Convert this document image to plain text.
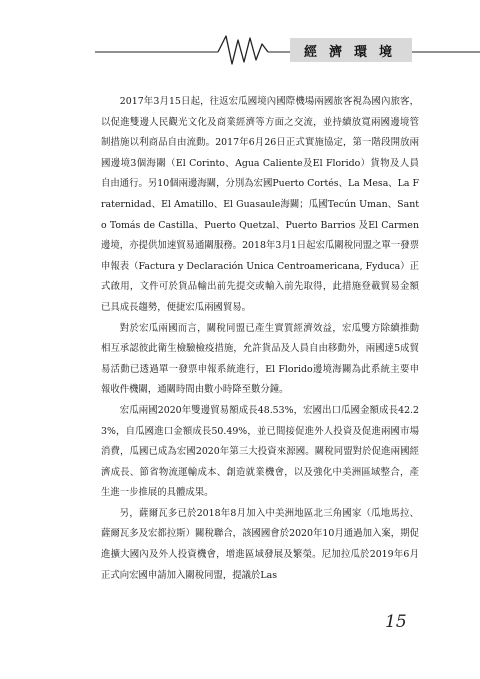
經濟環境

2017年3月15日起，往返宏瓜國境內國際機場兩國旅客視為國內旅客，以促進雙邊人民觀光文化及商業經濟等方面之交流，並持續放寬兩國邊境管制措施以利商品自由流動。2017年6月26日正式實施協定，第一階段開放兩國邊境3個海關（El Corinto、Agua Caliente及El Florido）貨物及人員自由通行。另10個兩邊海關，分別為宏國Puerto Cortés、La Mesa、La Fraternidad、El Amatillo、El Guasaule海關；瓜國Tecún Uman、Santo Tomás de Castilla、Puerto Quetzal、Puerto Barrios 及El Carmen邊境，亦提供加速貿易通關服務。2018年3月1日起宏瓜關稅同盟之單一發票申報表（Factura y Declaración Unica Centroamericana, Fyduca）正式啟用，文件可於貨品輸出前先提交或輸入前先取得，此措施登載貿易金額已具成長趨勢，便捷宏瓜兩國貿易。

對於宏瓜兩國而言，關稅同盟已產生實質經濟效益，宏瓜雙方除續推動相互承認彼此衛生檢驗檢疫措施，允許貨品及人員自由移動外，兩國達5成貿易活動已透過單一發票申報系統進行，El Florido邊境海關為此系統主要申報收件機關，通關時間由數小時降至數分鐘。

宏瓜兩國2020年雙邊貿易額成長48.53%，宏國出口瓜國金額成長42.23%，自瓜國進口金額成長50.49%，並已間接促進外人投資及促進兩國市場消費，瓜國已成為宏國2020年第三大投資來源國。關稅同盟對於促進兩國經濟成長、節省物流運輸成本、創造就業機會，以及強化中美洲區域整合，產生進一步推展的具體成果。

另，薩爾瓦多已於2018年8月加入中美洲地區北三角國家（瓜地馬拉、薩爾瓦多及宏都拉斯）關稅聯合，該國國會於2020年10月通過加入案，期促進擴大國內及外人投資機會，增進區域發展及繁榮。尼加拉瓜於2019年6月正式向宏國申請加入關稅同盟，提議於Las

15
